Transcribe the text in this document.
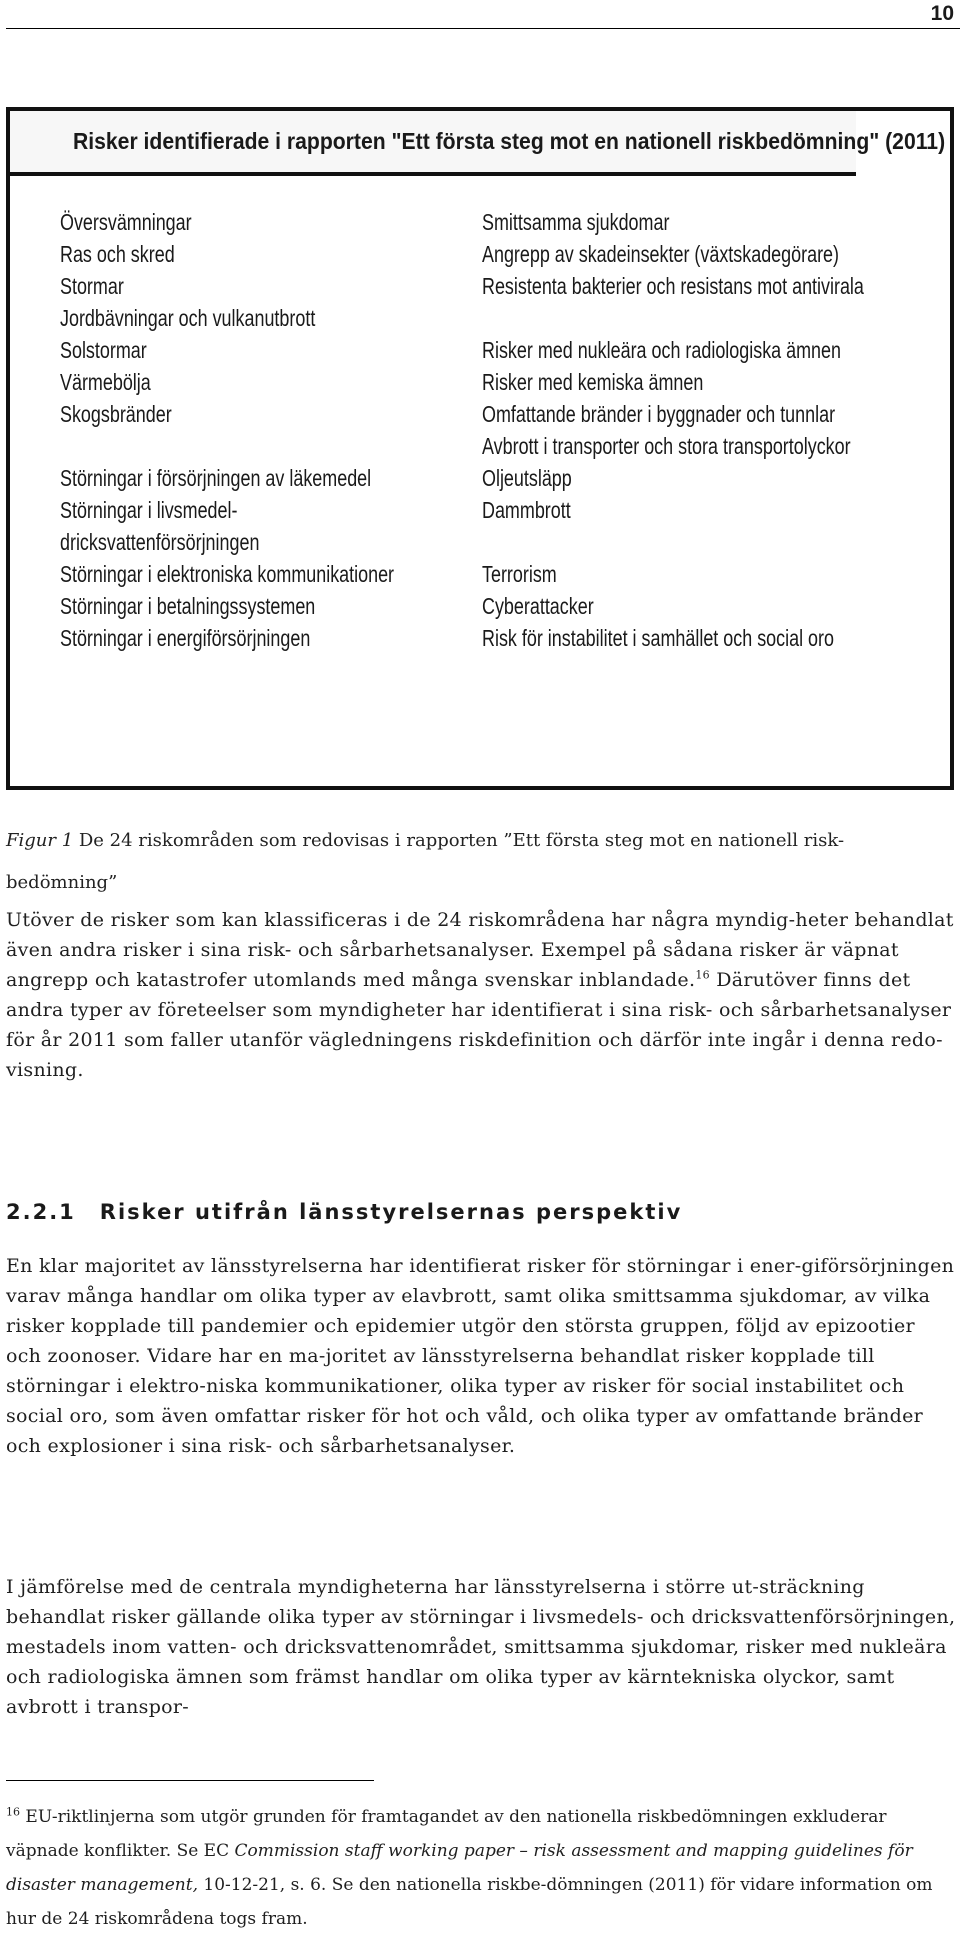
10
Risker identifierade i rapporten "Ett första steg mot en nationell riskbedömning" (2011)
Översvämningar
Ras och skred
Stormar
Jordbävningar och vulkanutbrott
Solstormar
Värmebölja
Skogsbränder
Störningar i försörjningen av läkemedel
Störningar i livsmedel-
dricksvattenförsörjningen
Störningar i elektroniska kommunikationer
Störningar i betalningssystemen
Störningar i energiförsörjningen
Smittsamma sjukdomar
Angrepp av skadeinsekter (växtskadegörare)
Resistenta bakterier och resistans mot antivirala
Risker med nukleära och radiologiska ämnen
Risker med kemiska ämnen
Omfattande bränder i byggnader och tunnlar
Avbrott i transporter och stora transportolyckor
Oljeutsläpp
Dammbrott
Terrorism
Cyberattacker
Risk för instabilitet i samhället och social oro
Figur 1 De 24 riskområden som redovisas i rapporten ”Ett första steg mot en nationell risk-bedömning”

Utöver de risker som kan klassificeras i de 24 riskområdena har några myndig-heter behandlat även andra risker i sina risk- och sårbarhetsanalyser. Exempel på sådana risker är väpnat angrepp och katastrofer utomlands med många svenskar inblandade.$^{16}$ Därutöver finns det andra typer av företeelser som myndigheter har identifierat i sina risk- och sårbarhetsanalyser för år 2011 som faller utanför vägledningens riskdefinition och därför inte ingår i denna redo-visning.

2.2.1 Risker utifrån länsstyrelsernas perspektiv

En klar majoritet av länsstyrelserna har identifierat risker för störningar i ener-giförsörjningen varav många handlar om olika typer av elavbrott, samt olika smittsamma sjukdomar, av vilka risker kopplade till pandemier och epidemier utgör den största gruppen, följd av epizootier och zoonoser. Vidare har en ma-joritet av länsstyrelserna behandlat risker kopplade till störningar i elektro-niska kommunikationer, olika typer av risker för social instabilitet och social oro, som även omfattar risker för hot och våld, och olika typer av omfattande bränder och explosioner i sina risk- och sårbarhetsanalyser.

I jämförelse med de centrala myndigheterna har länsstyrelserna i större ut-sträckning behandlat risker gällande olika typer av störningar i livsmedels- och dricksvattenförsörjningen, mestadels inom vatten- och dricksvattenområdet, smittsamma sjukdomar, risker med nukleära och radiologiska ämnen som främst handlar om olika typer av kärntekniska olyckor, samt avbrott i transpor-

$^{16}$ EU-riktlinjerna som utgör grunden för framtagandet av den nationella riskbedömningen exkluderar väpnade konflikter. Se EC Commission staff working paper – risk assessment and mapping guidelines för disaster management, 10-12-21, s. 6. Se den nationella riskbe-dömningen (2011) för vidare information om hur de 24 riskområdena togs fram.
